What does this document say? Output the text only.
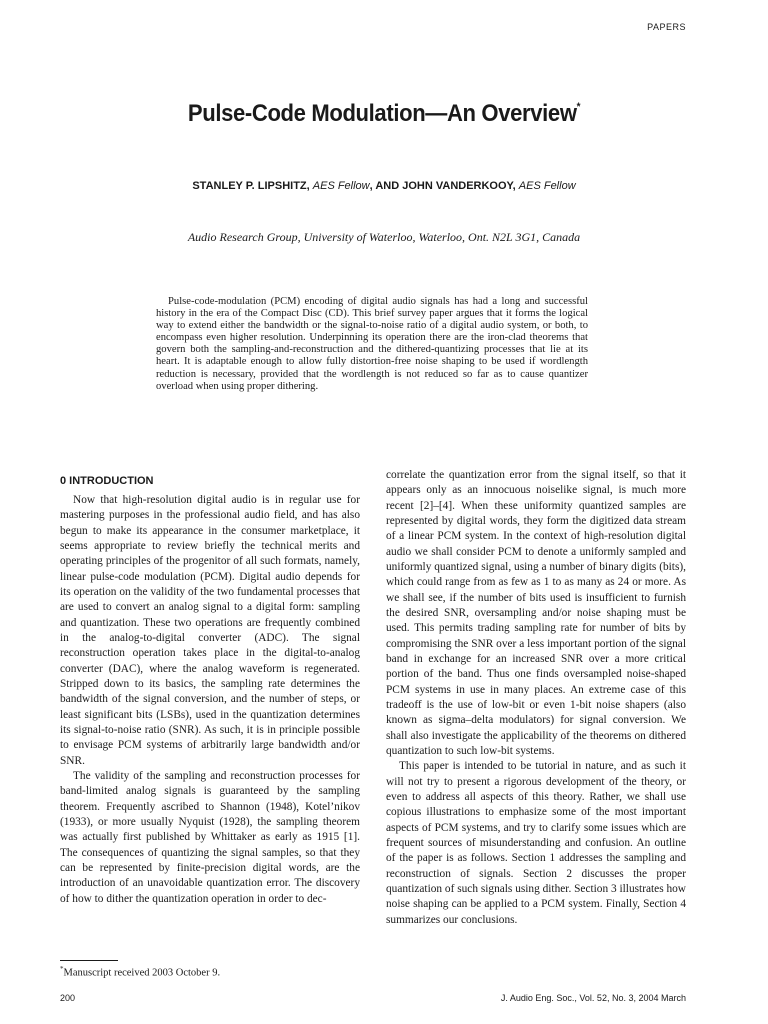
PAPERS
Pulse-Code Modulation—An Overview*
STANLEY P. LIPSHITZ, AES Fellow, AND JOHN VANDERKOOY, AES Fellow
Audio Research Group, University of Waterloo, Waterloo, Ont. N2L 3G1, Canada
Pulse-code-modulation (PCM) encoding of digital audio signals has had a long and successful history in the era of the Compact Disc (CD). This brief survey paper argues that it forms the logical way to extend either the bandwidth or the signal-to-noise ratio of a digital audio system, or both, to encompass even higher resolution. Underpinning its operation there are the iron-clad theorems that govern both the sampling-and-reconstruction and the dithered-quantizing processes that lie at its heart. It is adaptable enough to allow fully distortion-free noise shaping to be used if wordlength reduction is necessary, provided that the wordlength is not reduced so far as to cause quantizer overload when using proper dithering.
0 INTRODUCTION

Now that high-resolution digital audio is in regular use for mastering purposes in the professional audio field, and has also begun to make its appearance in the consumer marketplace, it seems appropriate to review briefly the technical merits and operating principles of the progenitor of all such formats, namely, linear pulse-code modulation (PCM). Digital audio depends for its operation on the validity of the two fundamental processes that are used to convert an analog signal to a digital form: sampling and quantization. These two operations are frequently combined in the analog-to-digital converter (ADC). The signal reconstruction operation takes place in the digital-to-analog converter (DAC), where the analog waveform is regenerated. Stripped down to its basics, the sampling rate determines the bandwidth of the signal conversion, and the number of steps, or least significant bits (LSBs), used in the quantization determines its signal-to-noise ratio (SNR). As such, it is in principle possible to envisage PCM systems of arbitrarily large bandwidth and/or SNR.

The validity of the sampling and reconstruction processes for band-limited analog signals is guaranteed by the sampling theorem. Frequently ascribed to Shannon (1948), Kotel’nikov (1933), or more usually Nyquist (1928), the sampling theorem was actually first published by Whittaker as early as 1915 [1]. The consequences of quantizing the signal samples, so that they can be represented by finite-precision digital words, are the introduction of an unavoidable quantization error. The discovery of how to dither the quantization operation in order to dec-

correlate the quantization error from the signal itself, so that it appears only as an innocuous noiselike signal, is much more recent [2]–[4]. When these uniformity quantized samples are represented by digital words, they form the digitized data stream of a linear PCM system. In the context of high-resolution digital audio we shall consider PCM to denote a uniformly sampled and uniformly quantized signal, using a number of binary digits (bits), which could range from as few as 1 to as many as 24 or more. As we shall see, if the number of bits used is insufficient to furnish the desired SNR, oversampling and/or noise shaping must be used. This permits trading sampling rate for number of bits by compromising the SNR over a less important portion of the signal band in exchange for an increased SNR over a more critical portion of the band. Thus one finds oversampled noise-shaped PCM systems in use in many places. An extreme case of this tradeoff is the use of low-bit or even 1-bit noise shapers (also known as sigma–delta modulators) for signal conversion. We shall also investigate the applicability of the theorems on dithered quantization to such low-bit systems.

This paper is intended to be tutorial in nature, and as such it will not try to present a rigorous development of the theory, or even to address all aspects of this theory. Rather, we shall use copious illustrations to emphasize some of the most important aspects of PCM systems, and try to clarify some issues which are frequent sources of misunderstanding and confusion. An outline of the paper is as follows. Section 1 addresses the sampling and reconstruction of signals. Section 2 discusses the proper quantization of such signals using dither. Section 3 illustrates how noise shaping can be applied to a PCM system. Finally, Section 4 summarizes our conclusions.

*Manuscript received 2003 October 9.
200	J. Audio Eng. Soc., Vol. 52, No. 3, 2004 March
